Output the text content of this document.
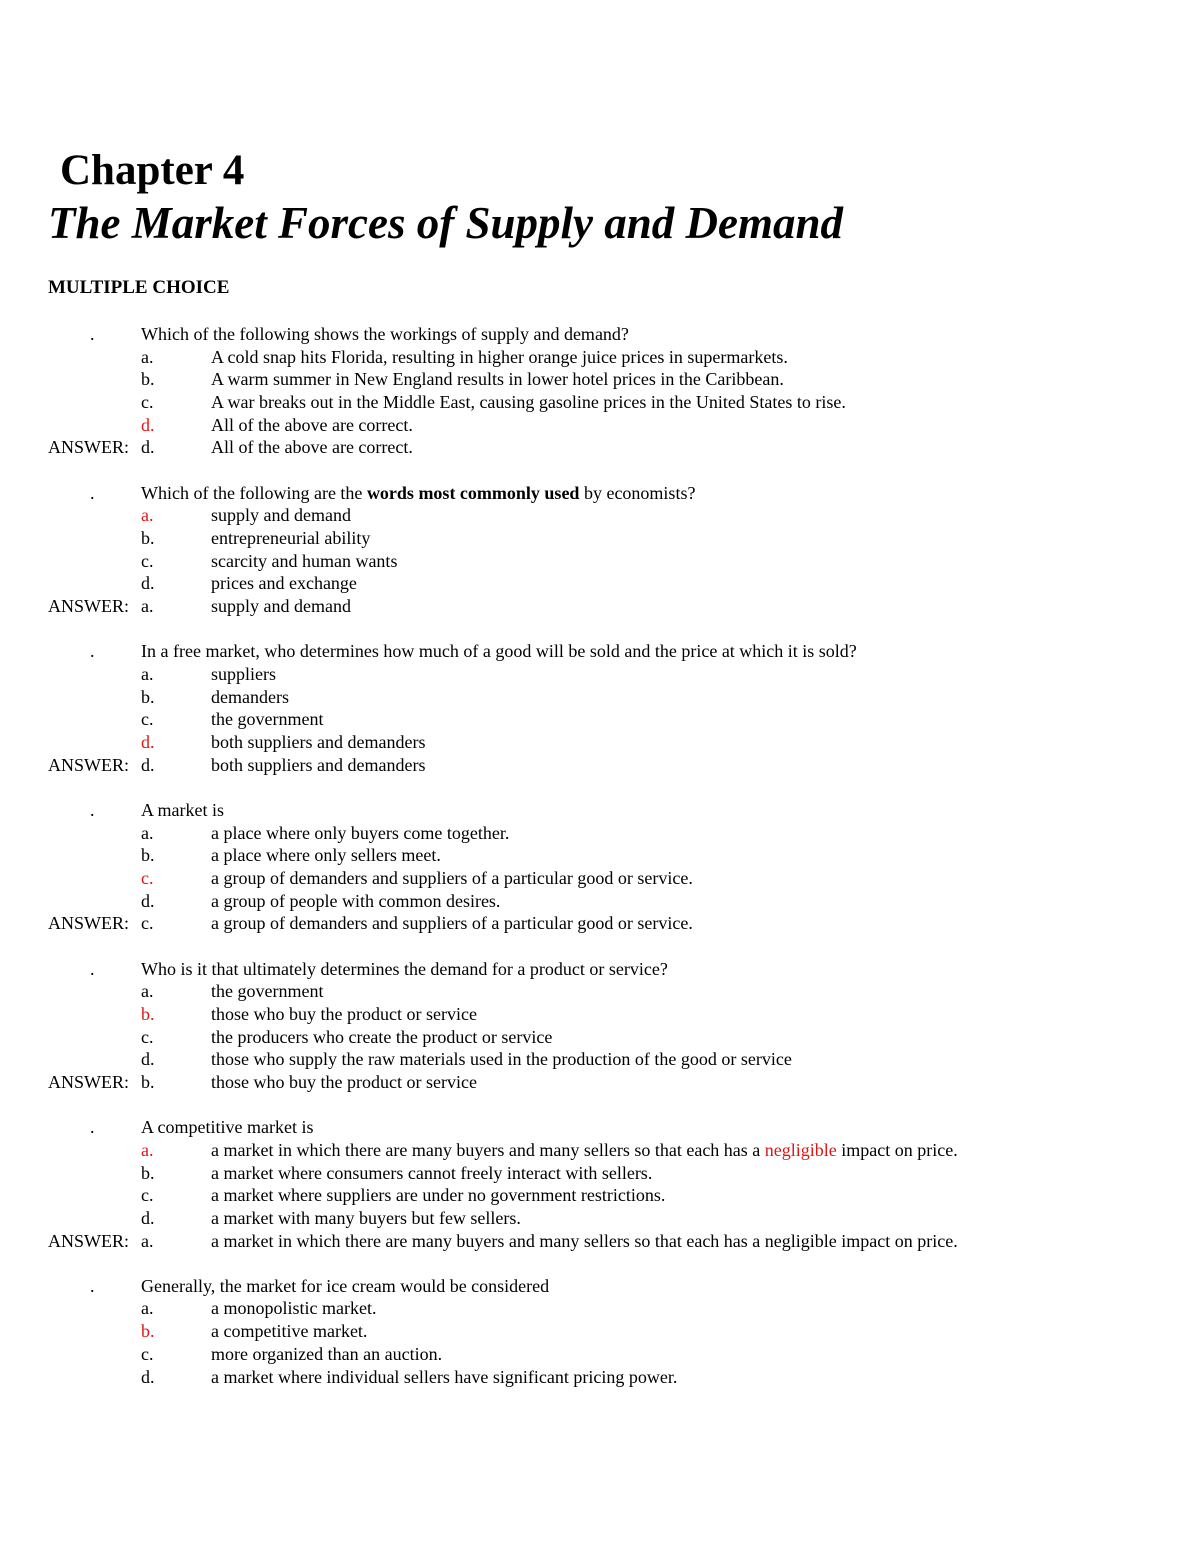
Chapter 4
The Market Forces of Supply and Demand
MULTIPLE CHOICE
.	Which of the following shows the workings of supply and demand?
a.	A cold snap hits Florida, resulting in higher orange juice prices in supermarkets.
b.	A warm summer in New England results in lower hotel prices in the Caribbean.
c.	A war breaks out in the Middle East, causing gasoline prices in the United States to rise.
d.	All of the above are correct.
ANSWER: d.	All of the above are correct.
.	Which of the following are the words most commonly used by economists?
a.	supply and demand
b.	entrepreneurial ability
c.	scarcity and human wants
d.	prices and exchange
ANSWER: a.	supply and demand
.	In a free market, who determines how much of a good will be sold and the price at which it is sold?
a.	suppliers
b.	demanders
c.	the government
d.	both suppliers and demanders
ANSWER: d.	both suppliers and demanders
.	A market is
a.	a place where only buyers come together.
b.	a place where only sellers meet.
c.	a group of demanders and suppliers of a particular good or service.
d.	a group of people with common desires.
ANSWER: c.	a group of demanders and suppliers of a particular good or service.
.	Who is it that ultimately determines the demand for a product or service?
a.	the government
b.	those who buy the product or service
c.	the producers who create the product or service
d.	those who supply the raw materials used in the production of the good or service
ANSWER: b.	those who buy the product or service
.	A competitive market is
a.	a market in which there are many buyers and many sellers so that each has a negligible impact on price.
b.	a market where consumers cannot freely interact with sellers.
c.	a market where suppliers are under no government restrictions.
d.	a market with many buyers but few sellers.
ANSWER: a.	a market in which there are many buyers and many sellers so that each has a negligible impact on price.
.	Generally, the market for ice cream would be considered
a.	a monopolistic market.
b.	a competitive market.
c.	more organized than an auction.
d.	a market where individual sellers have significant pricing power.
